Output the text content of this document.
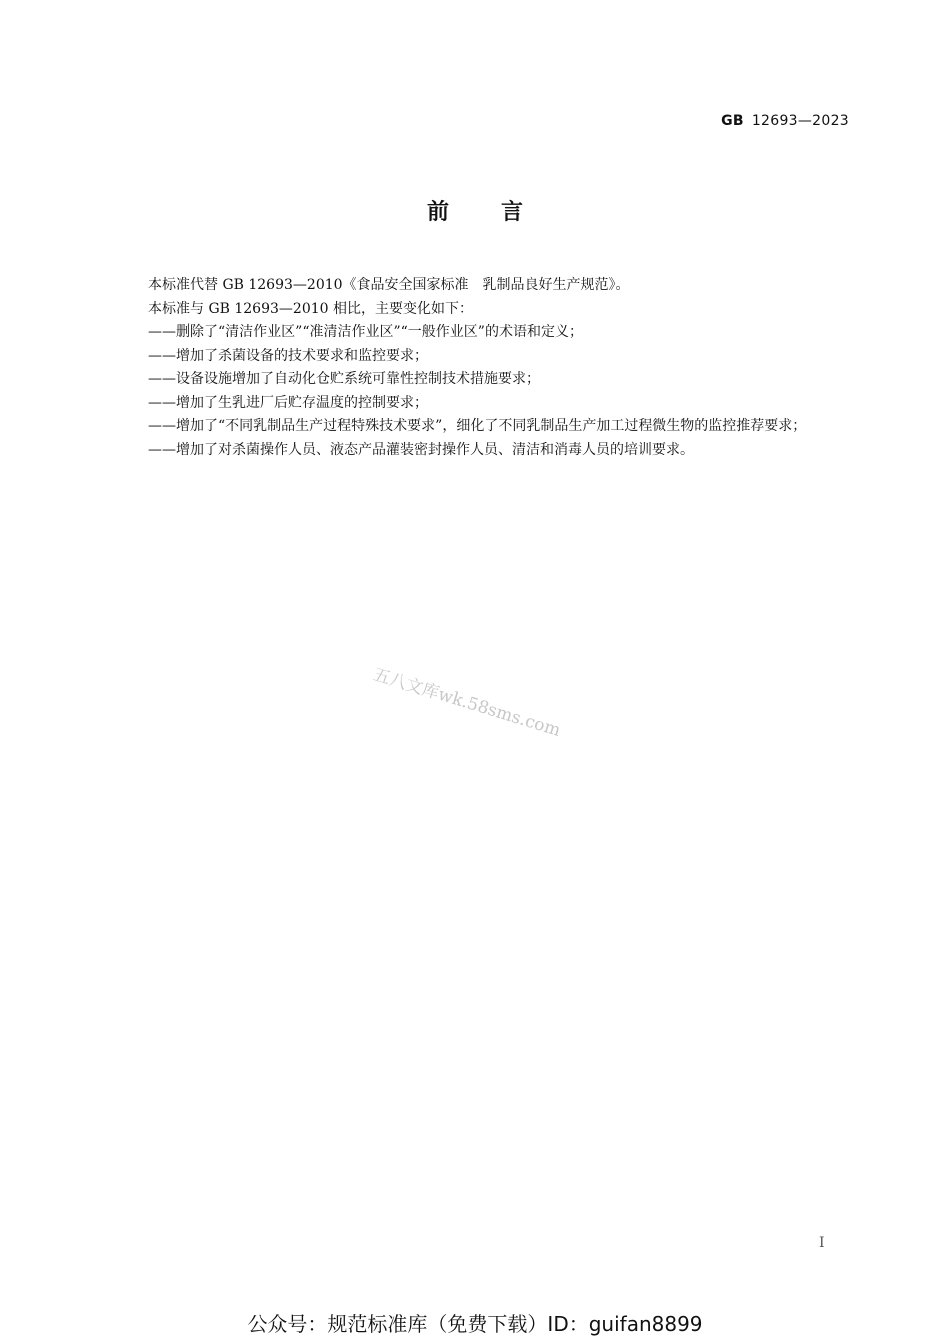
GB 12693—2023
前言
本标准代替 GB 12693—2010《食品安全国家标准　乳制品良好生产规范》。
本标准与 GB 12693—2010 相比，主要变化如下：
—— 删除了“清洁作业区”“准清洁作业区”“一般作业区”的术语和定义；
—— 增加了杀菌设备的技术要求和监控要求；
—— 设备设施增加了自动化仓贮系统可靠性控制技术措施要求；
—— 增加了生乳进厂后贮存温度的控制要求；
—— 增加了“不同乳制品生产过程特殊技术要求”，细化了不同乳制品生产加工过程微生物的监控推荐要求；
—— 增加了对杀菌操作人员、液态产品灌装密封操作人员、清洁和消毒人员的培训要求。
五八文库wk.58sms.com
I
公众号：规范标准库（免费下载）ID：guifan8899
